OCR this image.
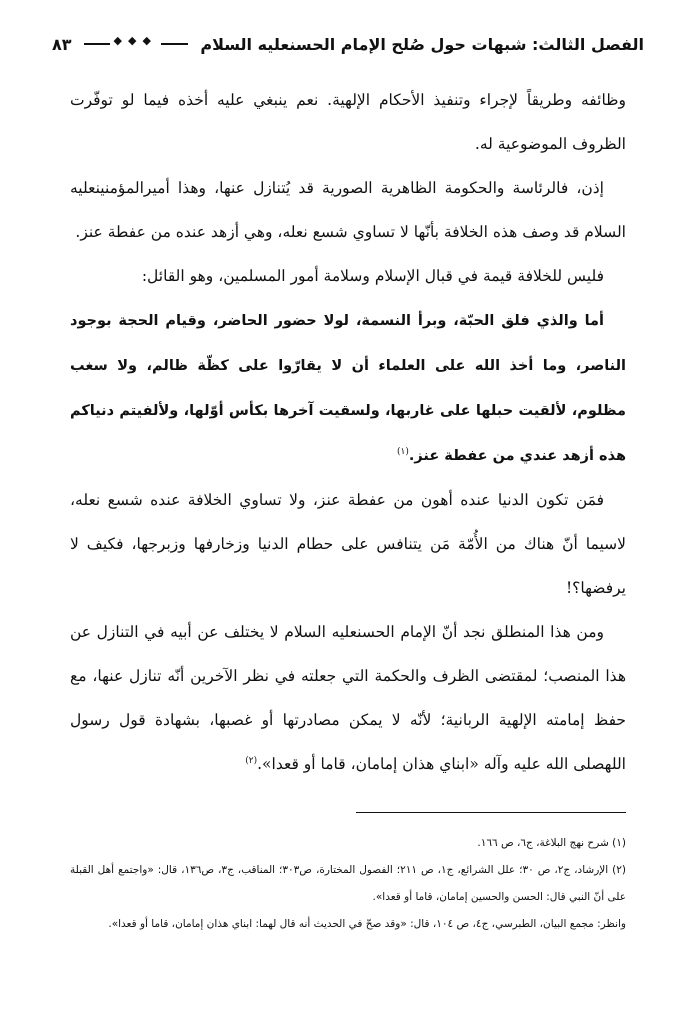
٨٣	◆◆◆	الفصل الثالث: شبهات حول صُلح الإمام الحسنعليه السلام

وظائفه وطريقاً لإجراء وتنفيذ الأحكام الإلهية. نعم ينبغي عليه أخذه فيما لو توفّرت الظروف الموضوعية له.

إذن، فالرئاسة والحكومة الظاهرية الصورية قد يُتنازل عنها، وهذا أميرالمؤمنينعليه السلام قد وصف هذه الخلافة بأنّها لا تساوي شسع نعله، وهي أزهد عنده من عفطة عنز.

فليس للخلافة قيمة في قبال الإسلام وسلامة أمور المسلمين، وهو القائل:

أما والذي فلق الحبّة، وبرأ النسمة، لولا حضور الحاضر، وقيام الحجة بوجود الناصر، وما أخذ الله على العلماء أن لا يقارّوا على كظّة ظالم، ولا سغب مظلوم، لألقيت حبلها على غاربها، ولسقيت آخرها بكأس أوّلها، ولألفيتم دنياكم هذه أزهد عندي من عفطة عنز.$^{(١)}$

فمَن تكون الدنيا عنده أهون من عفطة عنز، ولا تساوي الخلافة عنده شسع نعله، لاسيما أنّ هناك من الأُمّة مَن يتنافس على حطام الدنيا وزخارفها وزبرجها، فكيف لا يرفضها؟!

ومن هذا المنطلق نجد أنّ الإمام الحسنعليه السلام لا يختلف عن أبيه في التنازل عن هذا المنصب؛ لمقتضى الظرف والحكمة التي جعلته في نظر الآخرين أنّه تنازل عنها، مع حفظ إمامته الإلهية الربانية؛ لأنّه لا يمكن مصادرتها أو غصبها، بشهادة قول رسول اللهصلى الله عليه وآله «ابناي هذان إمامان، قاما أو قعدا».$^{(٢)}$

(١) شرح نهج البلاغة، ج٦، ص ١٦٦.

(٢) الإرشاد، ج٢، ص ٣٠؛ علل الشرائع، ج١، ص ٢١١؛ الفصول المختارة، ص٣٠٣؛ المناقب، ج٣، ص١٣٦، قال: «واجتمع أهل القبلة على أنّ النبي قال: الحسن والحسين إمامان، قاما أو قعدا».

وانظر: مجمع البيان، الطبرسي، ج٤، ص ١٠٤، قال: «وقد صحّ في الحديث أنه قال لهما: ابناي هذان إمامان، قاما أو قعدا».
